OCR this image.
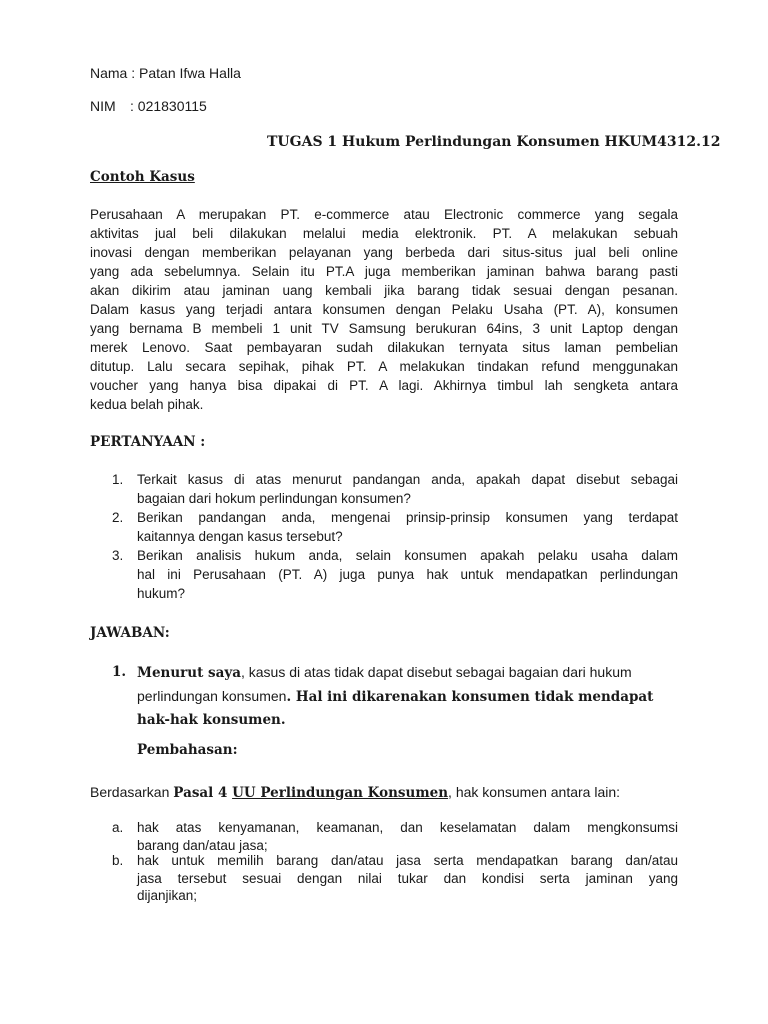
Nama : Patan Ifwa Halla
NIM : 021830115
TUGAS 1 Hukum Perlindungan Konsumen HKUM4312.12
Contoh Kasus

Perusahaan A merupakan PT. e-commerce atau Electronic commerce yang segala

aktivitas jual beli dilakukan melalui media elektronik. PT. A melakukan sebuah

inovasi dengan memberikan pelayanan yang berbeda dari situs-situs jual beli online

yang ada sebelumnya. Selain itu PT.A juga memberikan jaminan bahwa barang pasti

akan dikirim atau jaminan uang kembali jika barang tidak sesuai dengan pesanan.

Dalam kasus yang terjadi antara konsumen dengan Pelaku Usaha (PT. A), konsumen

yang bernama B membeli 1 unit TV Samsung berukuran 64ins, 3 unit Laptop dengan

merek Lenovo. Saat pembayaran sudah dilakukan ternyata situs laman pembelian

ditutup. Lalu secara sepihak, pihak PT. A melakukan tindakan refund menggunakan

voucher yang hanya bisa dipakai di PT. A lagi. Akhirnya timbul lah sengketa antara

kedua belah pihak.

PERTANYAAN :
1. Terkait kasus di atas menurut pandangan anda, apakah dapat disebut sebagai
bagaian dari hokum perlindungan konsumen?
2. Berikan pandangan anda, mengenai prinsip-prinsip konsumen yang terdapat
kaitannya dengan kasus tersebut?
3. Berikan analisis hukum anda, selain konsumen apakah pelaku usaha dalam
hal ini Perusahaan (PT. A) juga punya hak untuk mendapatkan perlindungan
hukum?
JAWABAN:
1. Menurut saya, kasus di atas tidak dapat disebut sebagai bagaian dari hukum
perlindungan konsumen. Hal ini dikarenakan konsumen tidak mendapat
hak-hak konsumen.
Pembahasan:
Berdasarkan Pasal 4 UU Perlindungan Konsumen, hak konsumen antara lain:
a. hak atas kenyamanan, keamanan, dan keselamatan dalam mengkonsumsi
barang dan/atau jasa;
b. hak untuk memilih barang dan/atau jasa serta mendapatkan barang dan/atau
jasa tersebut sesuai dengan nilai tukar dan kondisi serta jaminan yang
dijanjikan;
